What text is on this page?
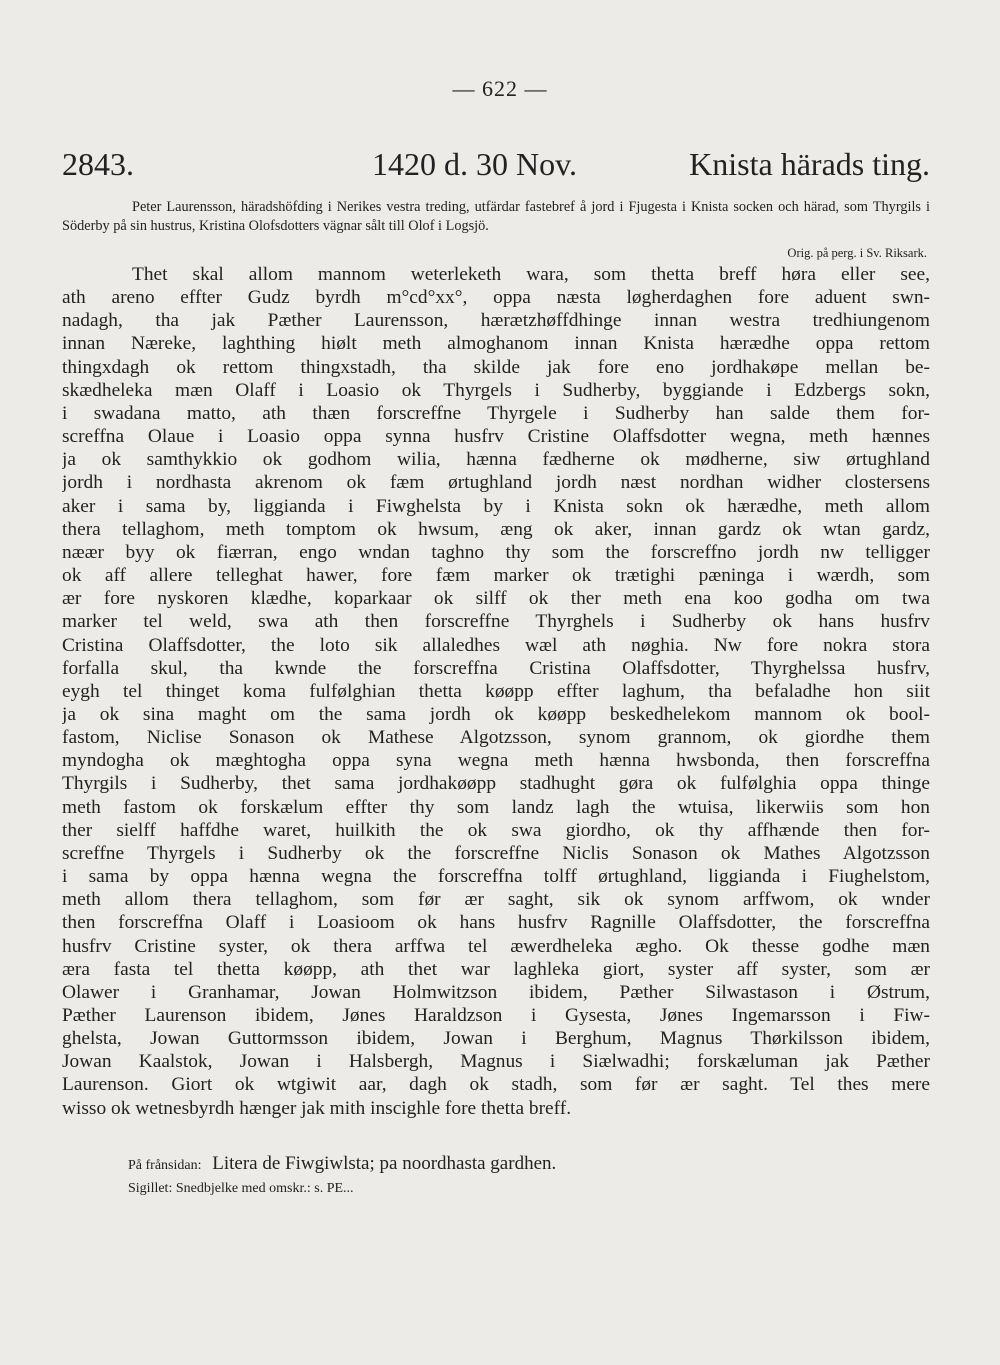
— 622 —
2843.	1420 d. 30 Nov.	Knista härads ting.
Peter Laurensson, häradshöfding i Nerikes vestra treding, utfärdar fastebref å jord i Fjugesta i Knista socken och härad, som Thyrgils i Söderby på sin hustrus, Kristina Olofsdotters vägnar sålt till Olof i Logsjö.
Orig. på perg. i Sv. Riksark.
Thet skal allom mannom weterleketh wara, som thetta breff høra eller see,
ath areno effter Gudz byrdh m°cd°xx°, oppa næsta løgherdaghen fore aduent swn-
nadagh, tha jak Pæther Laurensson, hærætzhøffdhinge innan westra tredhiungenom
innan Nærеke, laghthing hiølt meth almoghanom innan Knista hærædhe oppa rettom
thingxdagh ok rettom thingxstadh, tha skilde jak fore eno jordhakøpe mellan be-
skædheleka mæn Olaff i Loasio ok Thyrgels i Sudherby, byggiande i Edzbergs sokn,
i swadana matto, ath thæn forscreffne Thyrgele i Sudherby han salde them for-
screffna Olaue i Loasio oppa synna husfrv Cristine Olaffsdotter wegna, meth hænnes
ja ok samthykkio ok godhom wilia, hænna fædherne ok mødherne, siw ørtughland
jordh i nordhasta akrenom ok fæm ørtughland jordh næst nordhan widher clostersens
aker i sama by, liggianda i Fiwghelsta by i Knista sokn ok hærædhe, meth allom
thera tellaghom, meth tomptom ok hwsum, æng ok aker, innan gardz ok wtan gardz,
næær byy ok fiærran, engo wndan taghno thy som the forscreffno jordh nw telligger
ok aff allere telleghat hawer, fore fæm marker ok trætighi pæninga i wærdh, som
ær fore nyskoren klædhe, koparkaar ok silff ok ther meth ena koo godha om twa
marker tel weld, swa ath then forscreffne Thyrghels i Sudherby ok hans husfrv
Cristina Olaffsdotter, the loto sik allaledhes wæl ath nøghia. Nw fore nokra stora
forfalla skul, tha kwnde the forscreffna Cristina Olaffsdotter, Thyrghelssa husfrv,
eygh tel thinget koma fulfølghian thetta køøpp effter laghum, tha befaladhe hon siit
ja ok sina maght om the sama jordh ok køøpp beskedhelekom mannom ok bool-
fastom, Niclise Sonason ok Mathese Algotzsson, synom grannom, ok giordhe them
myndogha ok mæghtogha oppa syna wegna meth hænna hwsbonda, then forscreffna
Thyrgils i Sudherby, thet sama jordhakøøpp stadhught gøra ok fulfølghia oppa thinge
meth fastom ok forskælum effter thy som landz lagh the wtuisa, likerwiis som hon
ther sielff haffdhe waret, huilkith the ok swa giordho, ok thy affhænde then for-
screffne Thyrgels i Sudherby ok the forscreffne Niclis Sonason ok Mathes Algotzsson
i sama by oppa hænna wegna the forscreffna tolff ørtughland, liggianda i Fiughelstom,
meth allom thera tellaghom, som før ær saght, sik ok synom arffwom, ok wnder
then forscreffna Olaff i Loasioom ok hans husfrv Ragnille Olaffsdotter, the forscreffna
husfrv Cristine syster, ok thera arffwa tel æwerdheleka ægho. Ok thesse godhe mæn
æra fasta tel thetta køøpp, ath thet war laghleka giort, syster aff syster, som ær
Olawer i Granhamar, Jowan Holmwitzson ibidem, Pæther Silwastason i Østrum,
Pæther Laurenson ibidem, Jønes Haraldzson i Gysesta, Jønes Ingemarsson i Fiw-
ghelsta, Jowan Guttormsson ibidem, Jowan i Berghum, Magnus Thørkilsson ibidem,
Jowan Kaalstok, Jowan i Halsbergh, Magnus i Siælwadhi; forskæluman jak Pæther
Laurenson. Giort ok wtgiwit aar, dagh ok stadh, som før ær saght. Tel thes mere
wisso ok wetnesbyrdh hænger jak mith inscighle fore thetta breff.
På frånsidan: Litera de Fiwgiwlsta; pa noordhasta gardhen.
Sigillet: Snedbjelke med omskr.: s. PE...
